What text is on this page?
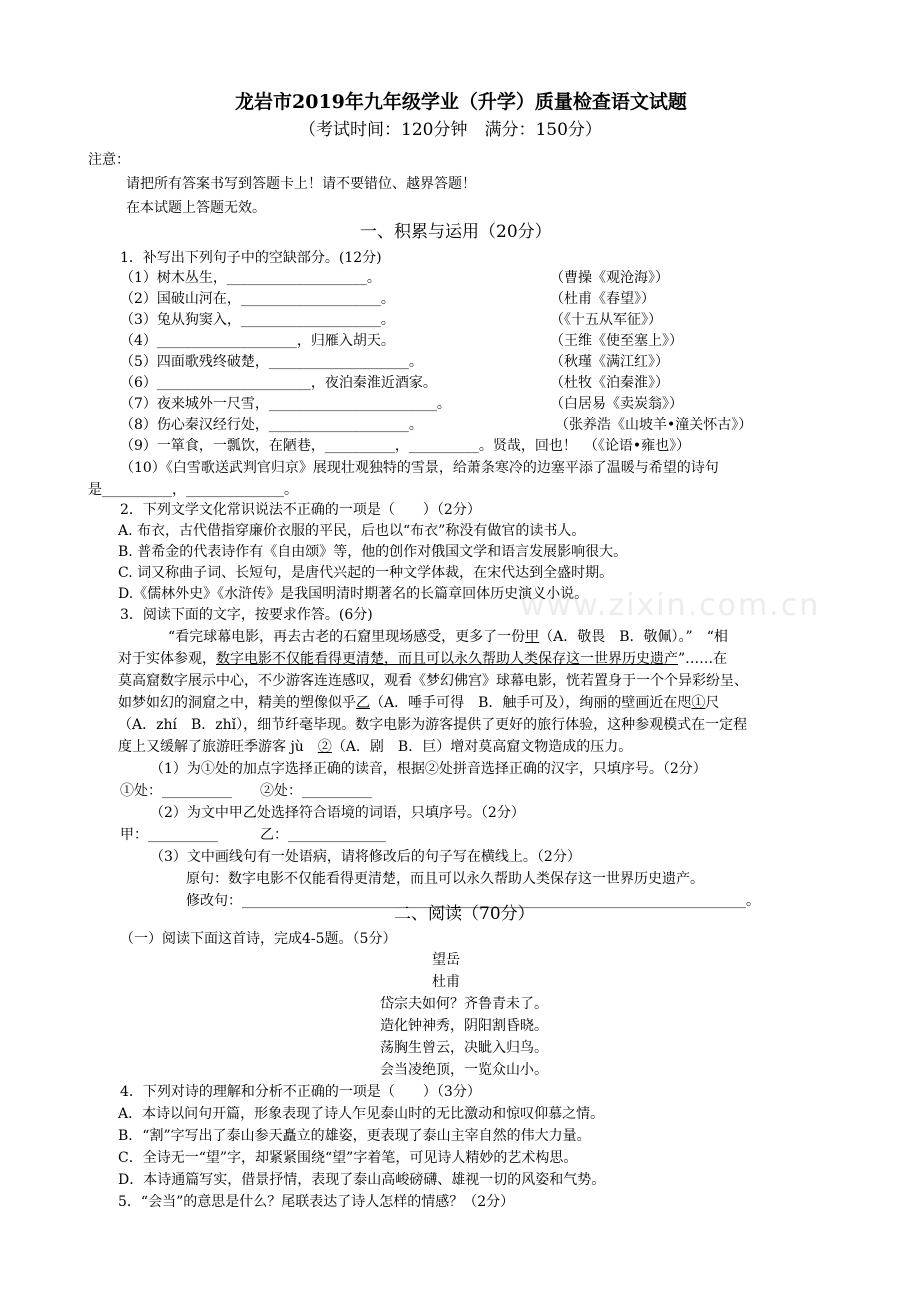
www.zixin.com.cn
龙岩市2019年九年级学业（升学）质量检查语文试题
（考试时间：120分钟　满分：150分）
注意：
请把所有答案书写到答题卡上！请不要错位、越界答题！
在本试题上答题无效。
一、积累与运用（20分）
1．补写出下列句子中的空缺部分。(12分)
（1）树木丛生，____________________。	（曹操《观沧海》）
（2）国破山河在，____________________。	（杜甫《春望》）
（3）兔从狗窦入，____________________。	（《十五从军征》）
（4）____________________，归雁入胡天。	（王维《使至塞上》）
（5）四面歌残终破楚，____________________。	（秋瑾《满江红》）
（6）______________________，夜泊秦淮近酒家。	（杜牧《泊秦淮》）
（7）夜来城外一尺雪，________________________。	（白居易《卖炭翁》）
（8）伤心秦汉经行处，____________________。	（张养浩《山坡羊•潼关怀古》）
（9）一箪食，一瓢饮，在陋巷，__________，__________。贤哉，回也！　（《论语•雍也》）
（10）《白雪歌送武判官归京》展现壮观独特的雪景，给萧条寒冷的边塞平添了温暖与希望的诗句
是__________，______________。
2．下列文学文化常识说法不正确的一项是（　　）（2分）
A. 布衣，古代借指穿廉价衣服的平民，后也以“布衣”称没有做官的读书人。
B. 普希金的代表诗作有《自由颂》等，他的创作对俄国文学和语言发展影响很大。
C. 词又称曲子词、长短句，是唐代兴起的一种文学体裁，在宋代达到全盛时期。
D.《儒林外史》《水浒传》是我国明清时期著名的长篇章回体历史演义小说。
3．阅读下面的文字，按要求作答。(6分)
“看完球幕电影，再去古老的石窟里现场感受，更多了一份甲（A．敬畏　B．敬佩）。”　“相
对于实体参观，数字电影不仅能看得更清楚，而且可以永久帮助人类保存这一世界历史遗产”……在
莫高窟数字展示中心，不少游客连连感叹，观看《梦幻佛宫》球幕电影，恍若置身于一个个异彩纷呈、
如梦如幻的洞窟之中，精美的塑像似乎乙（A．唾手可得　B．触手可及），绚丽的壁画近在咫①尺
（A．zhí　B．zhǐ），细节纤毫毕现。数字电影为游客提供了更好的旅行体验，这种参观模式在一定程
度上又缓解了旅游旺季游客 jù　②（A．剧　B．巨）增对莫高窟文物造成的压力。
（1）为①处的加点字选择正确的读音，根据②处拼音选择正确的汉字，只填序号。（2分）
①处：__________　　②处：__________
（2）为文中甲乙处选择符合语境的词语，只填序号。（2分）
甲：__________　　　乙：______________
（3）文中画线句有一处语病，请将修改后的句子写在横线上。（2分）
原句：数字电影不仅能看得更清楚，而且可以永久帮助人类保存这一世界历史遗产。
修改句：________________________________________________________________________。
二、阅读（70分）
（一）阅读下面这首诗，完成4-5题。（5分）
望岳
杜甫
岱宗夫如何？齐鲁青未了。
造化钟神秀，阴阳割昏晓。
荡胸生曾云，决眦入归鸟。
会当凌绝顶，一览众山小。
4．下列对诗的理解和分析不正确的一项是（　　）（3分）
A．本诗以问句开篇，形象表现了诗人乍见泰山时的无比激动和惊叹仰慕之情。
B．“割”字写出了泰山参天矗立的雄姿，更表现了泰山主宰自然的伟大力量。
C．全诗无一“望”字，却紧紧围绕“望”字着笔，可见诗人精妙的艺术构思。
D．本诗通篇写实，借景抒情，表现了泰山高峻磅礴、雄视一切的风姿和气势。
5．“会当”的意思是什么？尾联表达了诗人怎样的情感？（2分）
